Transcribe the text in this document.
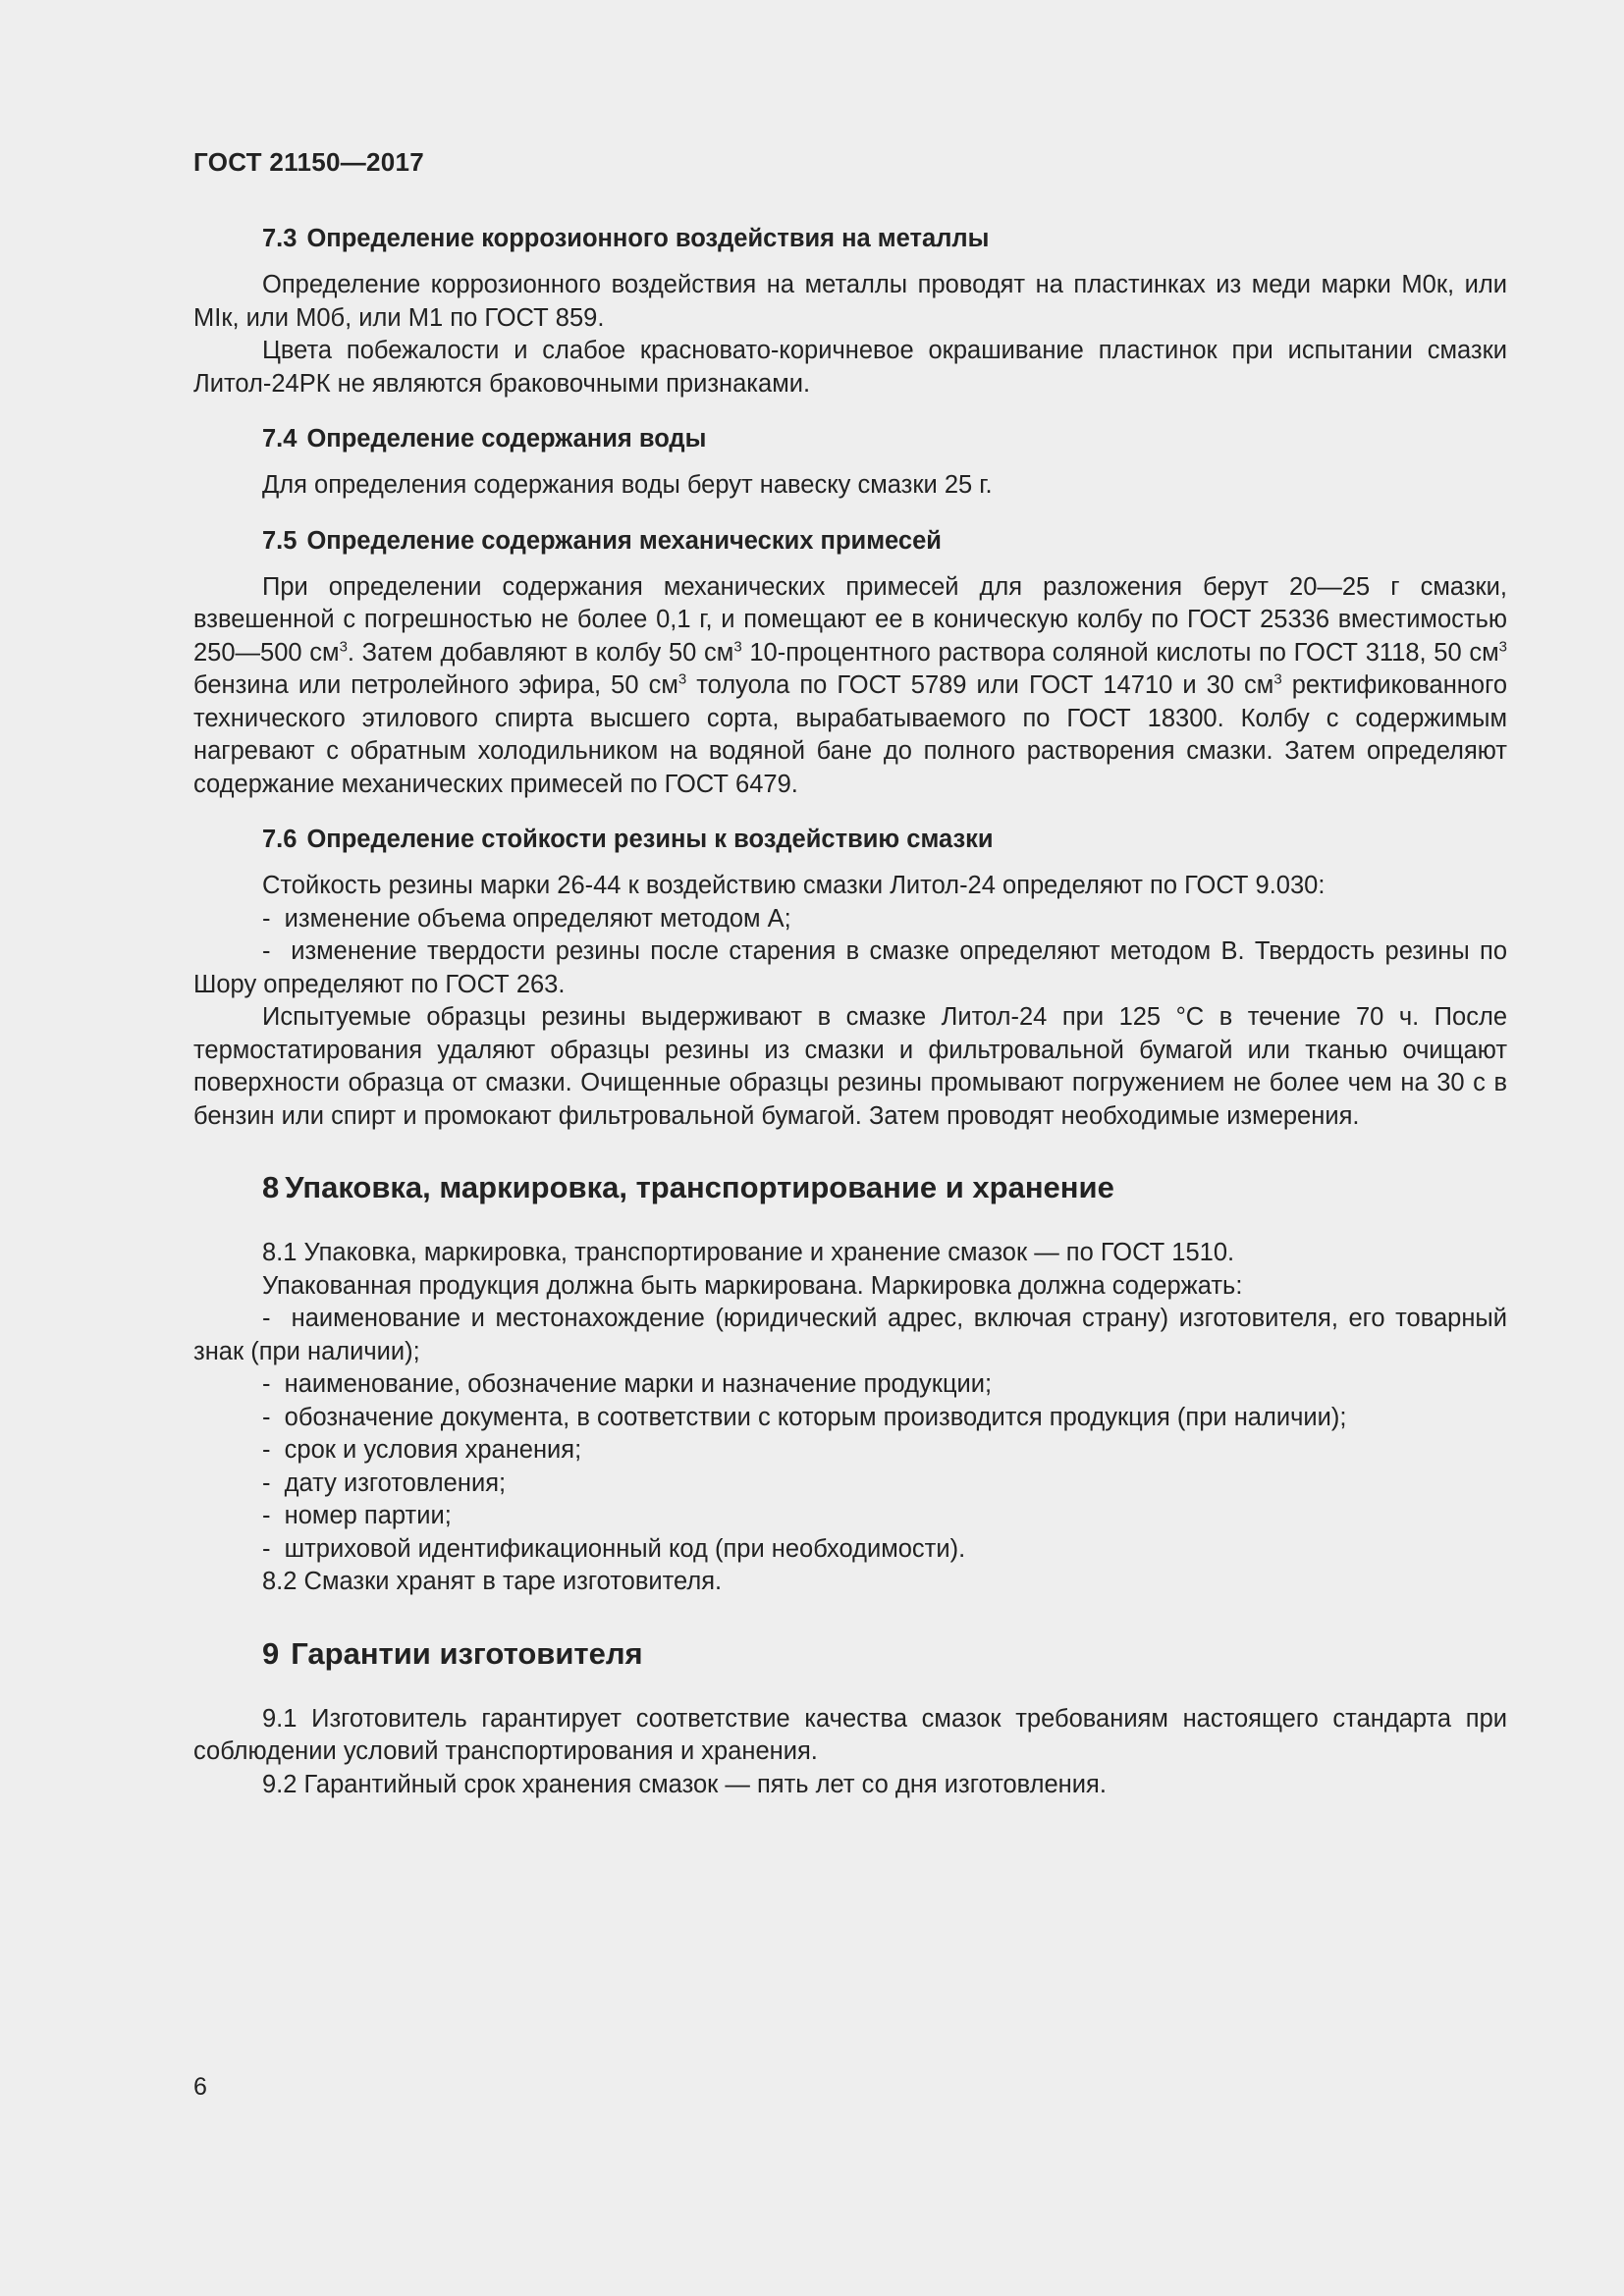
ГОСТ 21150—2017
7.3 Определение коррозионного воздействия на металлы

Определение коррозионного воздействия на металлы проводят на пластинках из меди марки М0к, или МIк, или М0б, или М1 по ГОСТ 859.

Цвета побежалости и слабое красновато-коричневое окрашивание пластинок при испытании смазки Литол-24РК не являются браковочными признаками.

7.4 Определение содержания воды

Для определения содержания воды берут навеску смазки 25 г.

7.5 Определение содержания механических примесей

При определении содержания механических примесей для разложения берут 20—25 г смазки, взвешенной с погрешностью не более 0,1 г, и помещают ее в коническую колбу по ГОСТ 25336 вместимостью 250—500 $см^3$. Затем добавляют в колбу 50 $см^3$ 10-процентного раствора соляной кислоты по ГОСТ 3118, 50 $см^3$ бензина или петролейного эфира, 50 $см^3$ толуола по ГОСТ 5789 или ГОСТ 14710 и 30 $см^3$ ректификованного технического этилового спирта высшего сорта, вырабатываемого по ГОСТ 18300. Колбу с содержимым нагревают с обратным холодильником на водяной бане до полного растворения смазки. Затем определяют содержание механических примесей по ГОСТ 6479.

7.6 Определение стойкости резины к воздействию смазки

Стойкость резины марки 26-44 к воздействию смазки Литол-24 определяют по ГОСТ 9.030:

- изменение объема определяют методом А;

- изменение твердости резины после старения в смазке определяют методом В. Твердость резины по Шору определяют по ГОСТ 263.

Испытуемые образцы резины выдерживают в смазке Литол-24 при 125 °С в течение 70 ч. После термостатирования удаляют образцы резины из смазки и фильтровальной бумагой или тканью очищают поверхности образца от смазки. Очищенные образцы резины промывают погружением не более чем на 30 с в бензин или спирт и промокают фильтровальной бумагой. Затем проводят необходимые измерения.

8 Упаковка, маркировка, транспортирование и хранение

8.1 Упаковка, маркировка, транспортирование и хранение смазок — по ГОСТ 1510.

Упакованная продукция должна быть маркирована. Маркировка должна содержать:

- наименование и местонахождение (юридический адрес, включая страну) изготовителя, его товарный знак (при наличии);

- наименование, обозначение марки и назначение продукции;

- обозначение документа, в соответствии с которым производится продукция (при наличии);

- срок и условия хранения;

- дату изготовления;

- номер партии;

- штриховой идентификационный код (при необходимости).

8.2 Смазки хранят в таре изготовителя.

9 Гарантии изготовителя

9.1 Изготовитель гарантирует соответствие качества смазок требованиям настоящего стандарта при соблюдении условий транспортирования и хранения.

9.2 Гарантийный срок хранения смазок — пять лет со дня изготовления.

6
